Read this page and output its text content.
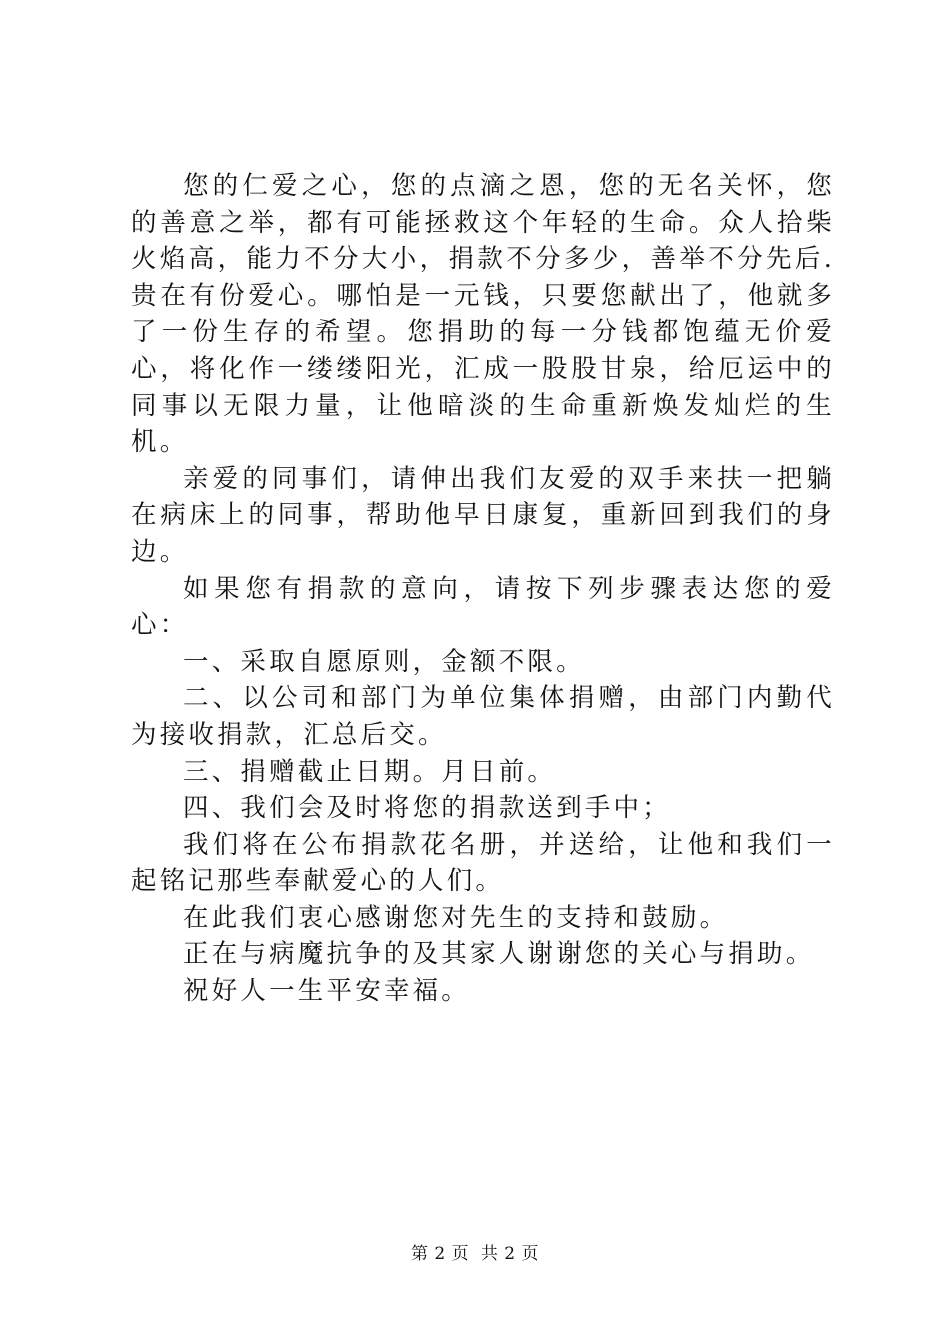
您的仁爱之心，您的点滴之恩，您的无名关怀，您的善意之举，都有可能拯救这个年轻的生命。众人拾柴火焰高，能力不分大小，捐款不分多少，善举不分先后.贵在有份爱心。哪怕是一元钱，只要您献出了，他就多了一份生存的希望。您捐助的每一分钱都饱蕴无价爱心，将化作一缕缕阳光，汇成一股股甘泉，给厄运中的同事以无限力量，让他暗淡的生命重新焕发灿烂的生机。

亲爱的同事们，请伸出我们友爱的双手来扶一把躺在病床上的同事，帮助他早日康复，重新回到我们的身边。

如果您有捐款的意向，请按下列步骤表达您的爱心：

一、采取自愿原则，金额不限。

二、以公司和部门为单位集体捐赠，由部门内勤代为接收捐款，汇总后交。

三、捐赠截止日期。月日前。

四、我们会及时将您的捐款送到手中；

我们将在公布捐款花名册，并送给，让他和我们一起铭记那些奉献爱心的人们。

在此我们衷心感谢您对先生的支持和鼓励。

正在与病魔抗争的及其家人谢谢您的关心与捐助。

祝好人一生平安幸福。

第 2 页  共 2 页
